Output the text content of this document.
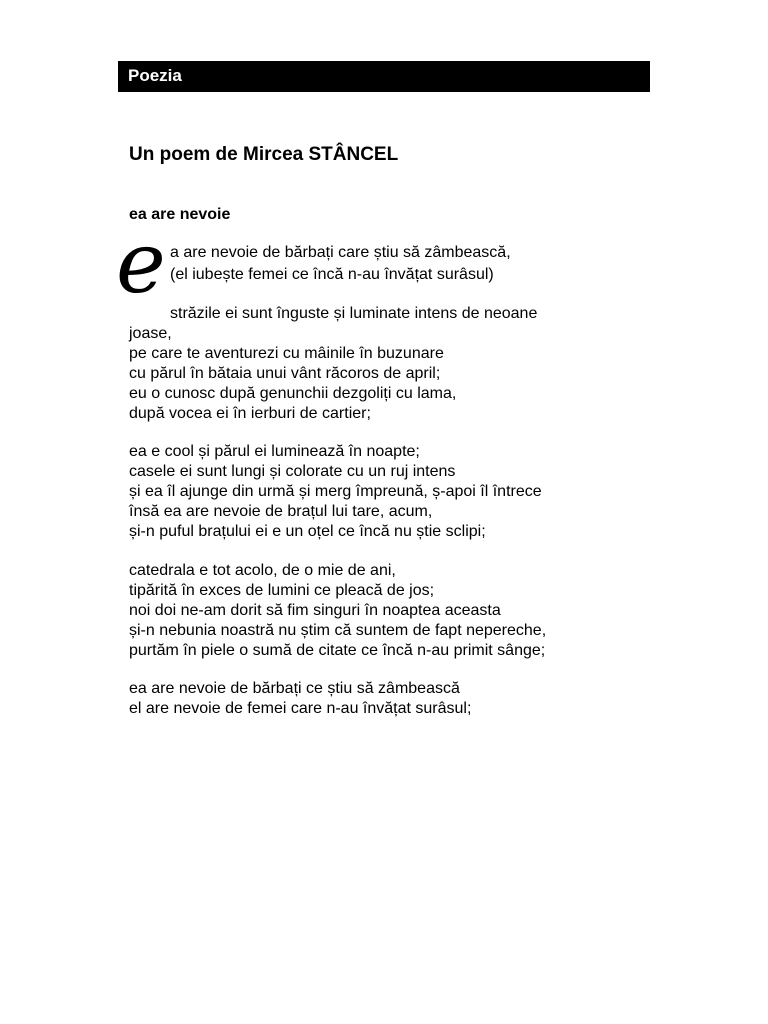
Poezia
Un poem de Mircea STÂNCEL
ea are nevoie
e a are nevoie de bărbați care știu să zâmbească,

(el iubește femei ce încă n-au învățat surâsul)

străzile ei sunt înguste și luminate intens de neoane

joase,

pe care te aventurezi cu mâinile în buzunare

cu părul în bătaia unui vânt răcoros de april;

eu o cunosc după genunchii dezgoliți cu lama,

după vocea ei în ierburi de cartier;

ea e cool și părul ei luminează în noapte;

casele ei sunt lungi și colorate cu un ruj intens

și ea îl ajunge din urmă și merg împreună, ș-apoi îl întrece

însă ea are nevoie de brațul lui tare, acum,

și-n puful brațului ei e un oțel ce încă nu știe sclipi;

catedrala e tot acolo, de o mie de ani,

tipărită în exces de lumini ce pleacă de jos;

noi doi ne-am dorit să fim singuri în noaptea aceasta

și-n nebunia noastră nu știm că suntem de fapt nepereche,

purtăm în piele o sumă de citate ce încă n-au primit sânge;

ea are nevoie de bărbați ce știu să zâmbească

el are nevoie de femei care n-au învățat surâsul;
